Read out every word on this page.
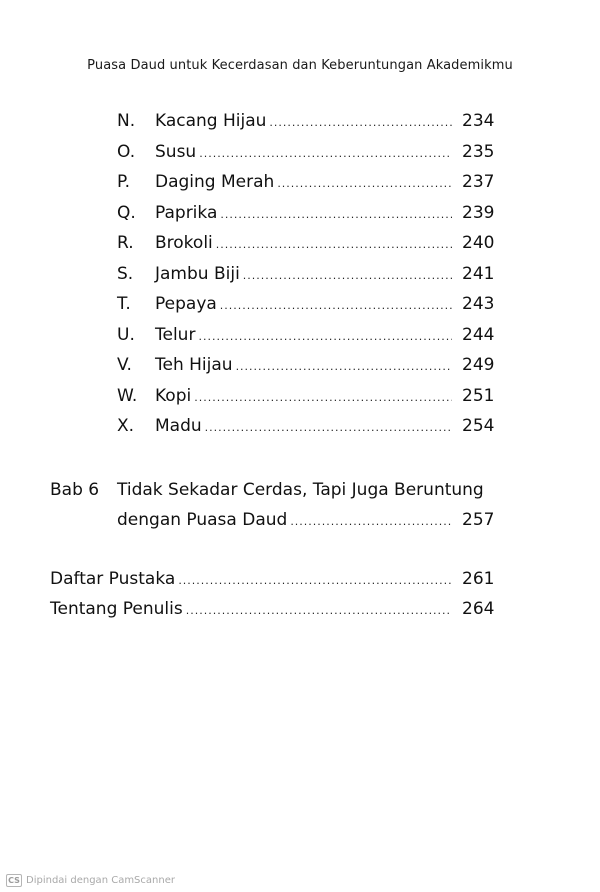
Puasa Daud untuk Kecerdasan dan Keberuntungan Akademikmu
N.	Kacang Hijau .....	234
O.	Susu .....	235
P.	Daging Merah .....	237
Q.	Paprika .....	239
R.	Brokoli .....	240
S.	Jambu Biji .....	241
T.	Pepaya .....	243
U.	Telur .....	244
V.	Teh Hijau .....	249
W.	Kopi .....	251
X.	Madu .....	254
Bab 6 Tidak Sekadar Cerdas, Tapi Juga Beruntung
dengan Puasa Daud .....	257
Daftar Pustaka .....	261
Tentang Penulis .....	264
CS Dipindai dengan CamScanner
